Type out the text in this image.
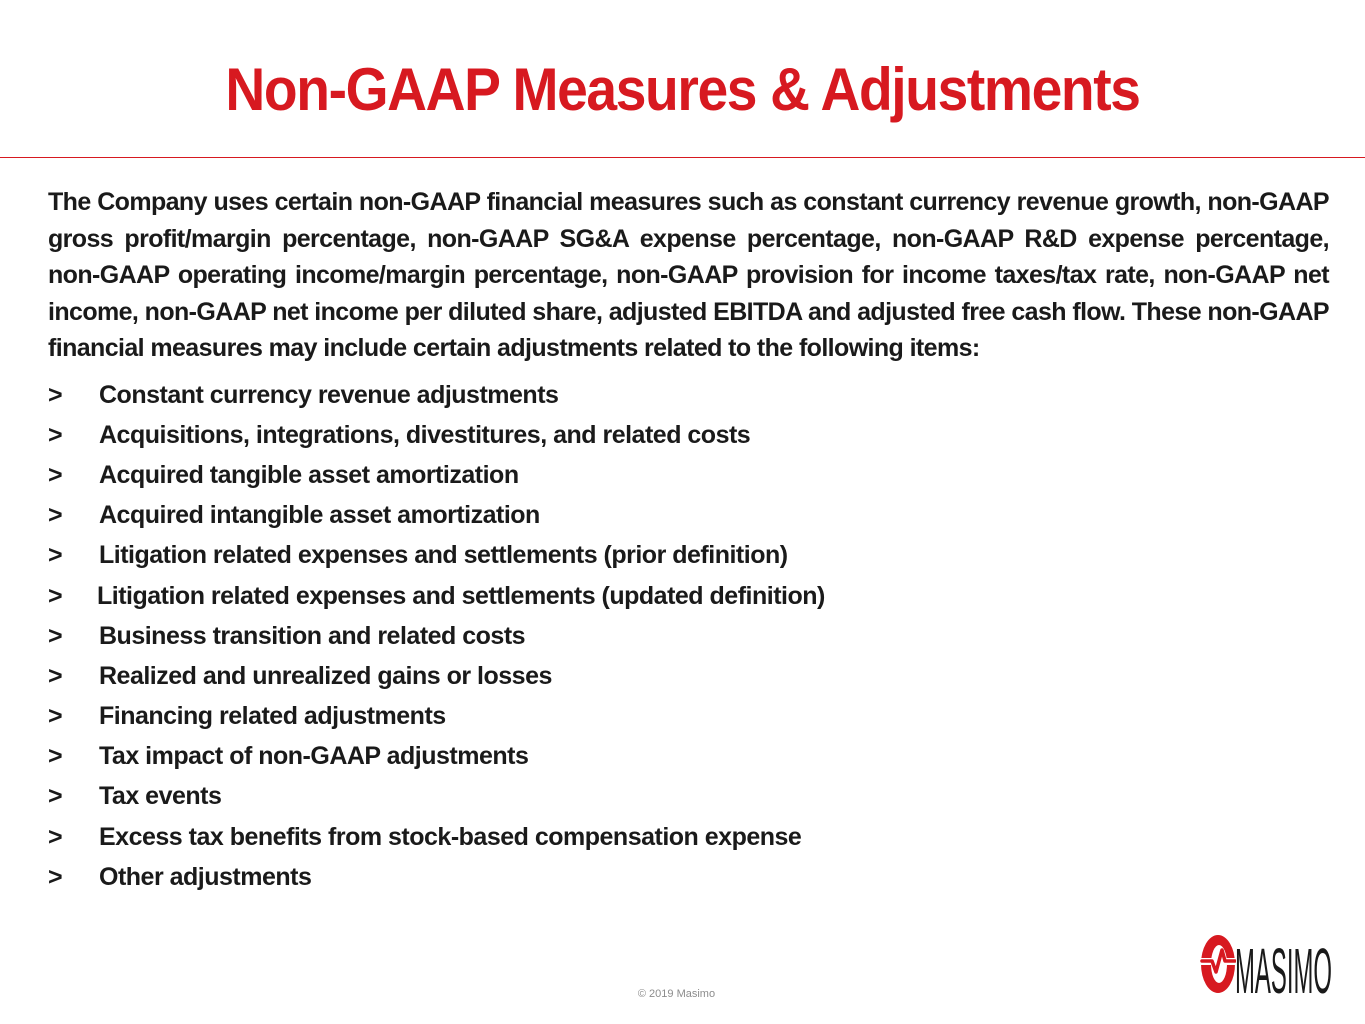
Non-GAAP Measures & Adjustments

The Company uses certain non-GAAP financial measures such as constant currency revenue growth, non-GAAP gross profit/margin percentage, non-GAAP SG&A expense percentage, non-GAAP R&D expense percentage, non-GAAP operating income/margin percentage, non-GAAP provision for income taxes/tax rate, non-GAAP net income, non-GAAP net income per diluted share, adjusted EBITDA and adjusted free cash flow. These non-GAAP financial measures may include certain adjustments related to the following items:

>	Constant currency revenue adjustments
>	Acquisitions, integrations, divestitures, and related costs
>	Acquired tangible asset amortization
>	Acquired intangible asset amortization
>	Litigation related expenses and settlements (prior definition)
>	Litigation related expenses and settlements (updated definition)
>	Business transition and related costs
>	Realized and unrealized gains or losses
>	Financing related adjustments
>	Tax impact of non-GAAP adjustments
>	Tax events
>	Excess tax benefits from stock-based compensation expense
>	Other adjustments
© 2019 Masimo	MASIMO
